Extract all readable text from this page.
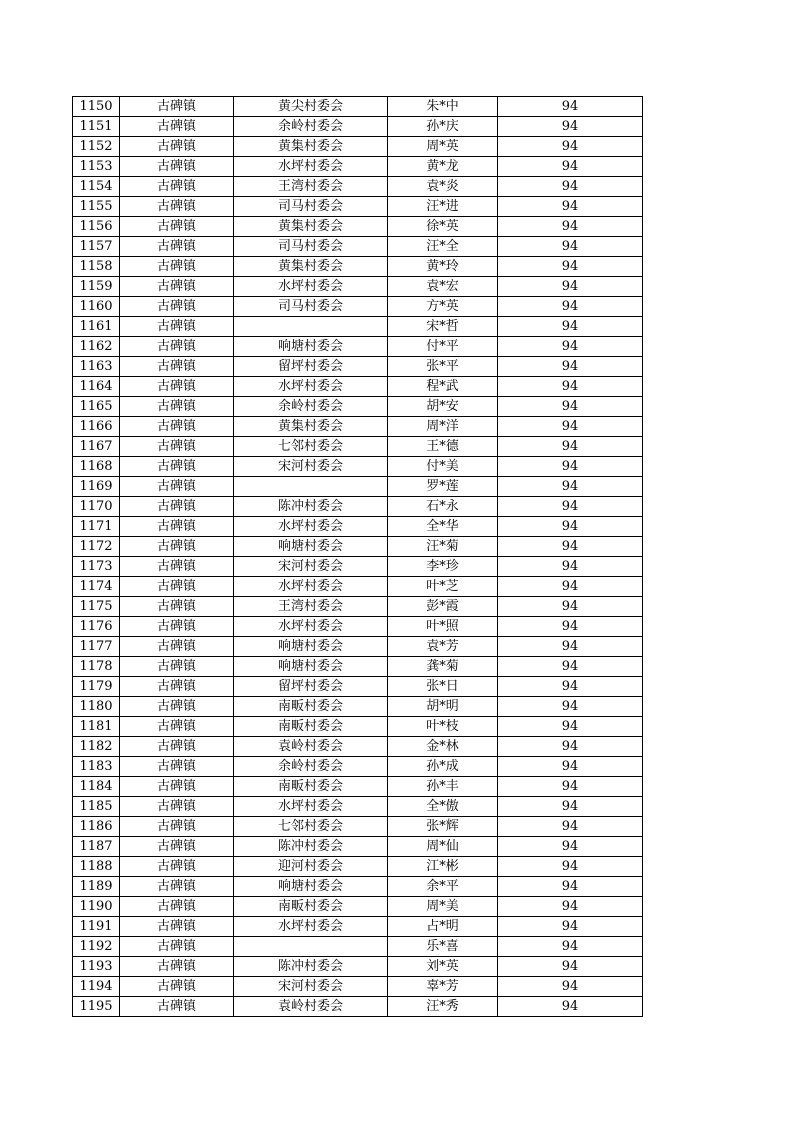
1150	古碑镇	黄尖村委会	朱*中	94
1151	古碑镇	余岭村委会	孙*庆	94
1152	古碑镇	黄集村委会	周*英	94
1153	古碑镇	水坪村委会	黄*龙	94
1154	古碑镇	王湾村委会	袁*炎	94
1155	古碑镇	司马村委会	汪*进	94
1156	古碑镇	黄集村委会	徐*英	94
1157	古碑镇	司马村委会	汪*全	94
1158	古碑镇	黄集村委会	黄*玲	94
1159	古碑镇	水坪村委会	袁*宏	94
1160	古碑镇	司马村委会	方*英	94
1161	古碑镇		宋*哲	94
1162	古碑镇	响塘村委会	付*平	94
1163	古碑镇	留坪村委会	张*平	94
1164	古碑镇	水坪村委会	程*武	94
1165	古碑镇	余岭村委会	胡*安	94
1166	古碑镇	黄集村委会	周*洋	94
1167	古碑镇	七邻村委会	王*德	94
1168	古碑镇	宋河村委会	付*美	94
1169	古碑镇		罗*莲	94
1170	古碑镇	陈冲村委会	石*永	94
1171	古碑镇	水坪村委会	全*华	94
1172	古碑镇	响塘村委会	汪*菊	94
1173	古碑镇	宋河村委会	李*珍	94
1174	古碑镇	水坪村委会	叶*芝	94
1175	古碑镇	王湾村委会	彭*霞	94
1176	古碑镇	水坪村委会	叶*照	94
1177	古碑镇	响塘村委会	袁*芳	94
1178	古碑镇	响塘村委会	龚*菊	94
1179	古碑镇	留坪村委会	张*日	94
1180	古碑镇	南畈村委会	胡*明	94
1181	古碑镇	南畈村委会	叶*枝	94
1182	古碑镇	袁岭村委会	金*林	94
1183	古碑镇	余岭村委会	孙*成	94
1184	古碑镇	南畈村委会	孙*丰	94
1185	古碑镇	水坪村委会	全*傲	94
1186	古碑镇	七邻村委会	张*辉	94
1187	古碑镇	陈冲村委会	周*仙	94
1188	古碑镇	迎河村委会	江*彬	94
1189	古碑镇	响塘村委会	余*平	94
1190	古碑镇	南畈村委会	周*美	94
1191	古碑镇	水坪村委会	占*明	94
1192	古碑镇		乐*喜	94
1193	古碑镇	陈冲村委会	刘*英	94
1194	古碑镇	宋河村委会	辜*芳	94
1195	古碑镇	袁岭村委会	汪*秀	94
